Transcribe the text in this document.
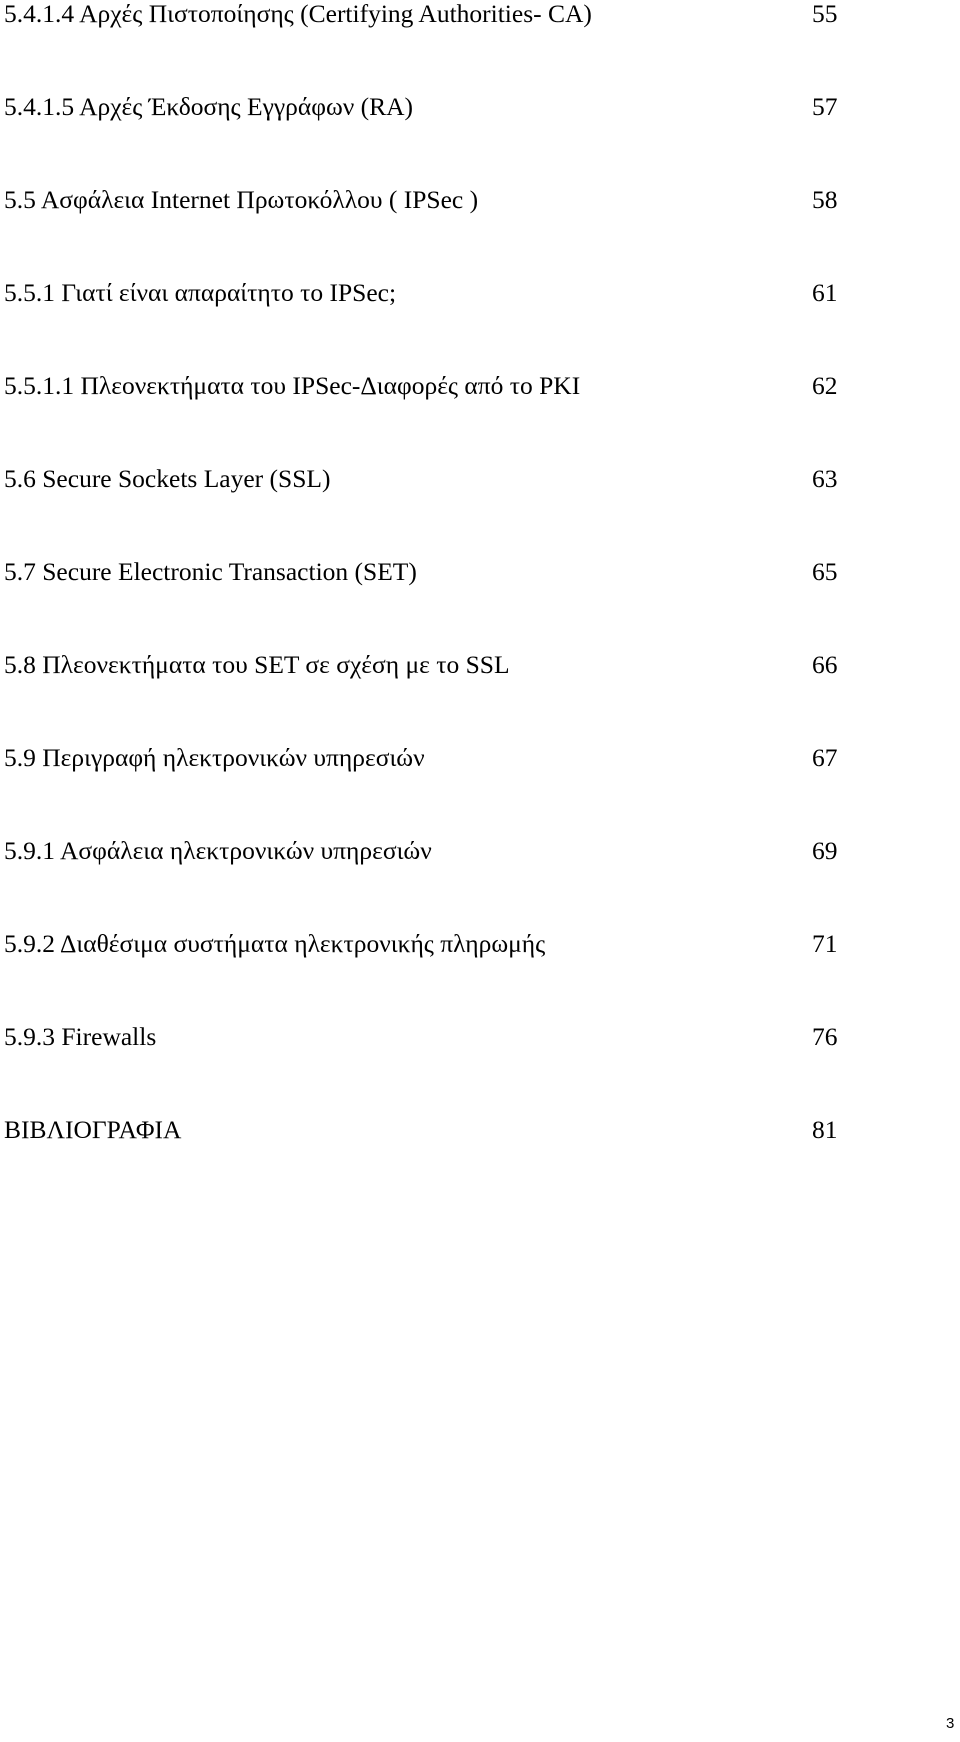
5.4.1.4 Αρχές Πιστοποίησης (Certifying Authorities- CA)	55
5.4.1.5 Αρχές Έκδοσης Εγγράφων (RA)	57
5.5 Ασφάλεια Internet Πρωτοκόλλου ( IPSec )	58
5.5.1 Γιατί είναι απαραίτητο το IPSec;	61
5.5.1.1 Πλεονεκτήματα του IPSec-Διαφορές από το PKI	62
5.6 Secure Sockets Layer (SSL)	63
5.7 Secure Electronic Transaction (SET)	65
5.8 Πλεονεκτήματα του SET σε σχέση με το SSL	66
5.9 Περιγραφή ηλεκτρονικών υπηρεσιών	67
5.9.1 Ασφάλεια ηλεκτρονικών υπηρεσιών	69
5.9.2 Διαθέσιμα συστήματα ηλεκτρονικής πληρωμής	71
5.9.3 Firewalls	76
ΒΙΒΛΙΟΓΡΑΦΙΑ	81
3
